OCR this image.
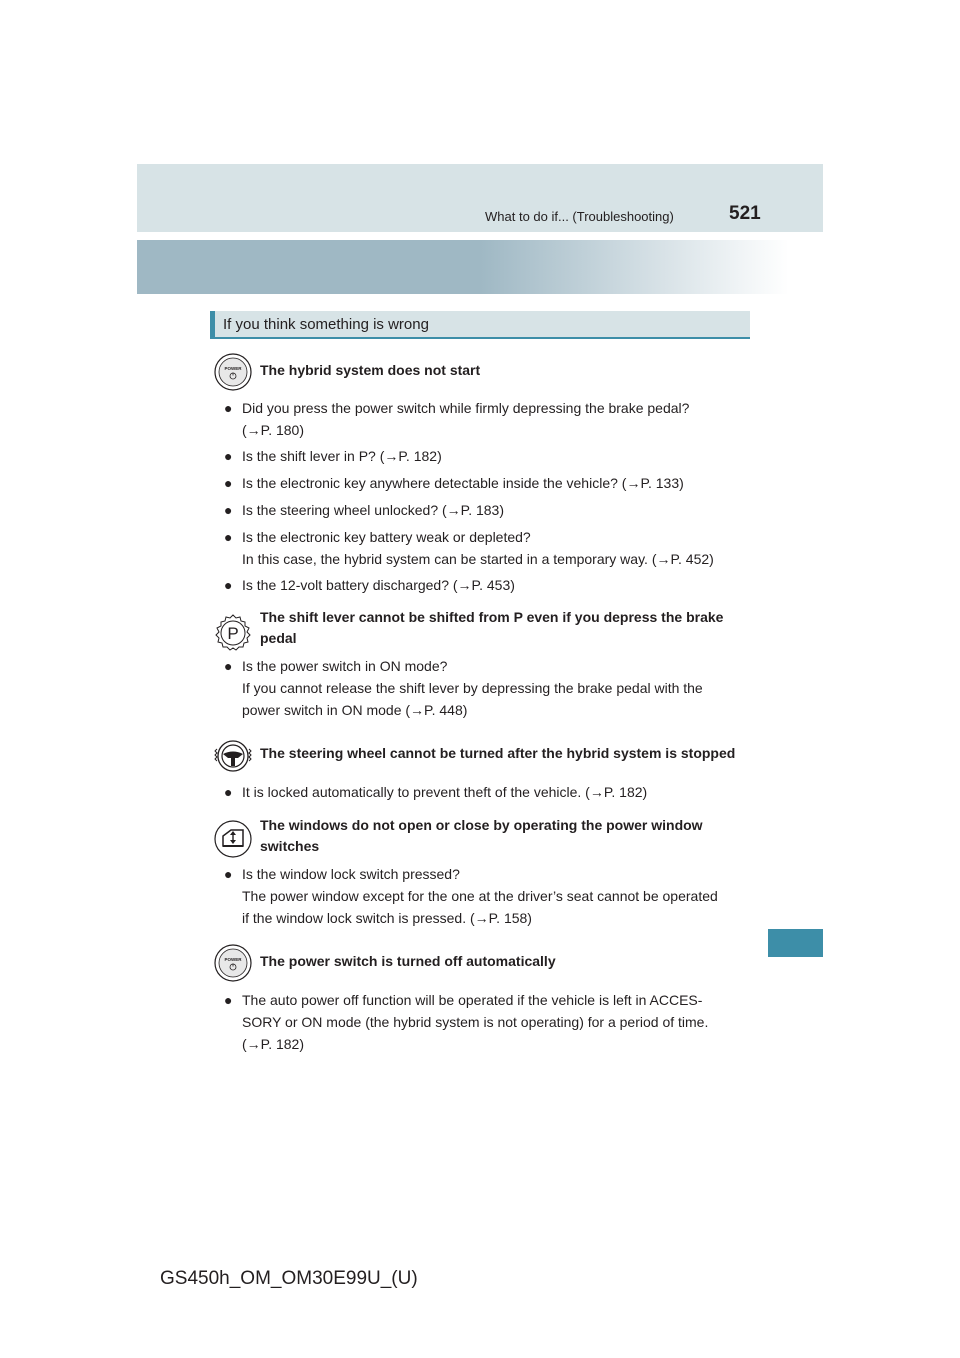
What to do if... (Troubleshooting)	521
If you think something is wrong
POWER The hybrid system does not start
● Did you press the power switch while firmly depressing the brake pedal?
(→P. 180)
● Is the shift lever in P? (→P. 182)
● Is the electronic key anywhere detectable inside the vehicle? (→P. 133)
● Is the steering wheel unlocked? (→P. 183)
● Is the electronic key battery weak or depleted?
In this case, the hybrid system can be started in a temporary way. (→P. 452)
● Is the 12-volt battery discharged? (→P. 453)
P
The shift lever cannot be shifted from P even if you depress the brake
pedal
● Is the power switch in ON mode?
If you cannot release the shift lever by depressing the brake pedal with the
power switch in ON mode (→P. 448)
The steering wheel cannot be turned after the hybrid system is stopped
● It is locked automatically to prevent theft of the vehicle. (→P. 182)
The windows do not open or close by operating the power window
switches
● Is the window lock switch pressed?
The power window except for the one at the driver’s seat cannot be operated
if the window lock switch is pressed. (→P. 158)
POWER The power switch is turned off automatically
● The auto power off function will be operated if the vehicle is left in ACCES-
SORY or ON mode (the hybrid system is not operating) for a period of time.
(→P. 182)
GS450h_OM_OM30E99U_(U)
